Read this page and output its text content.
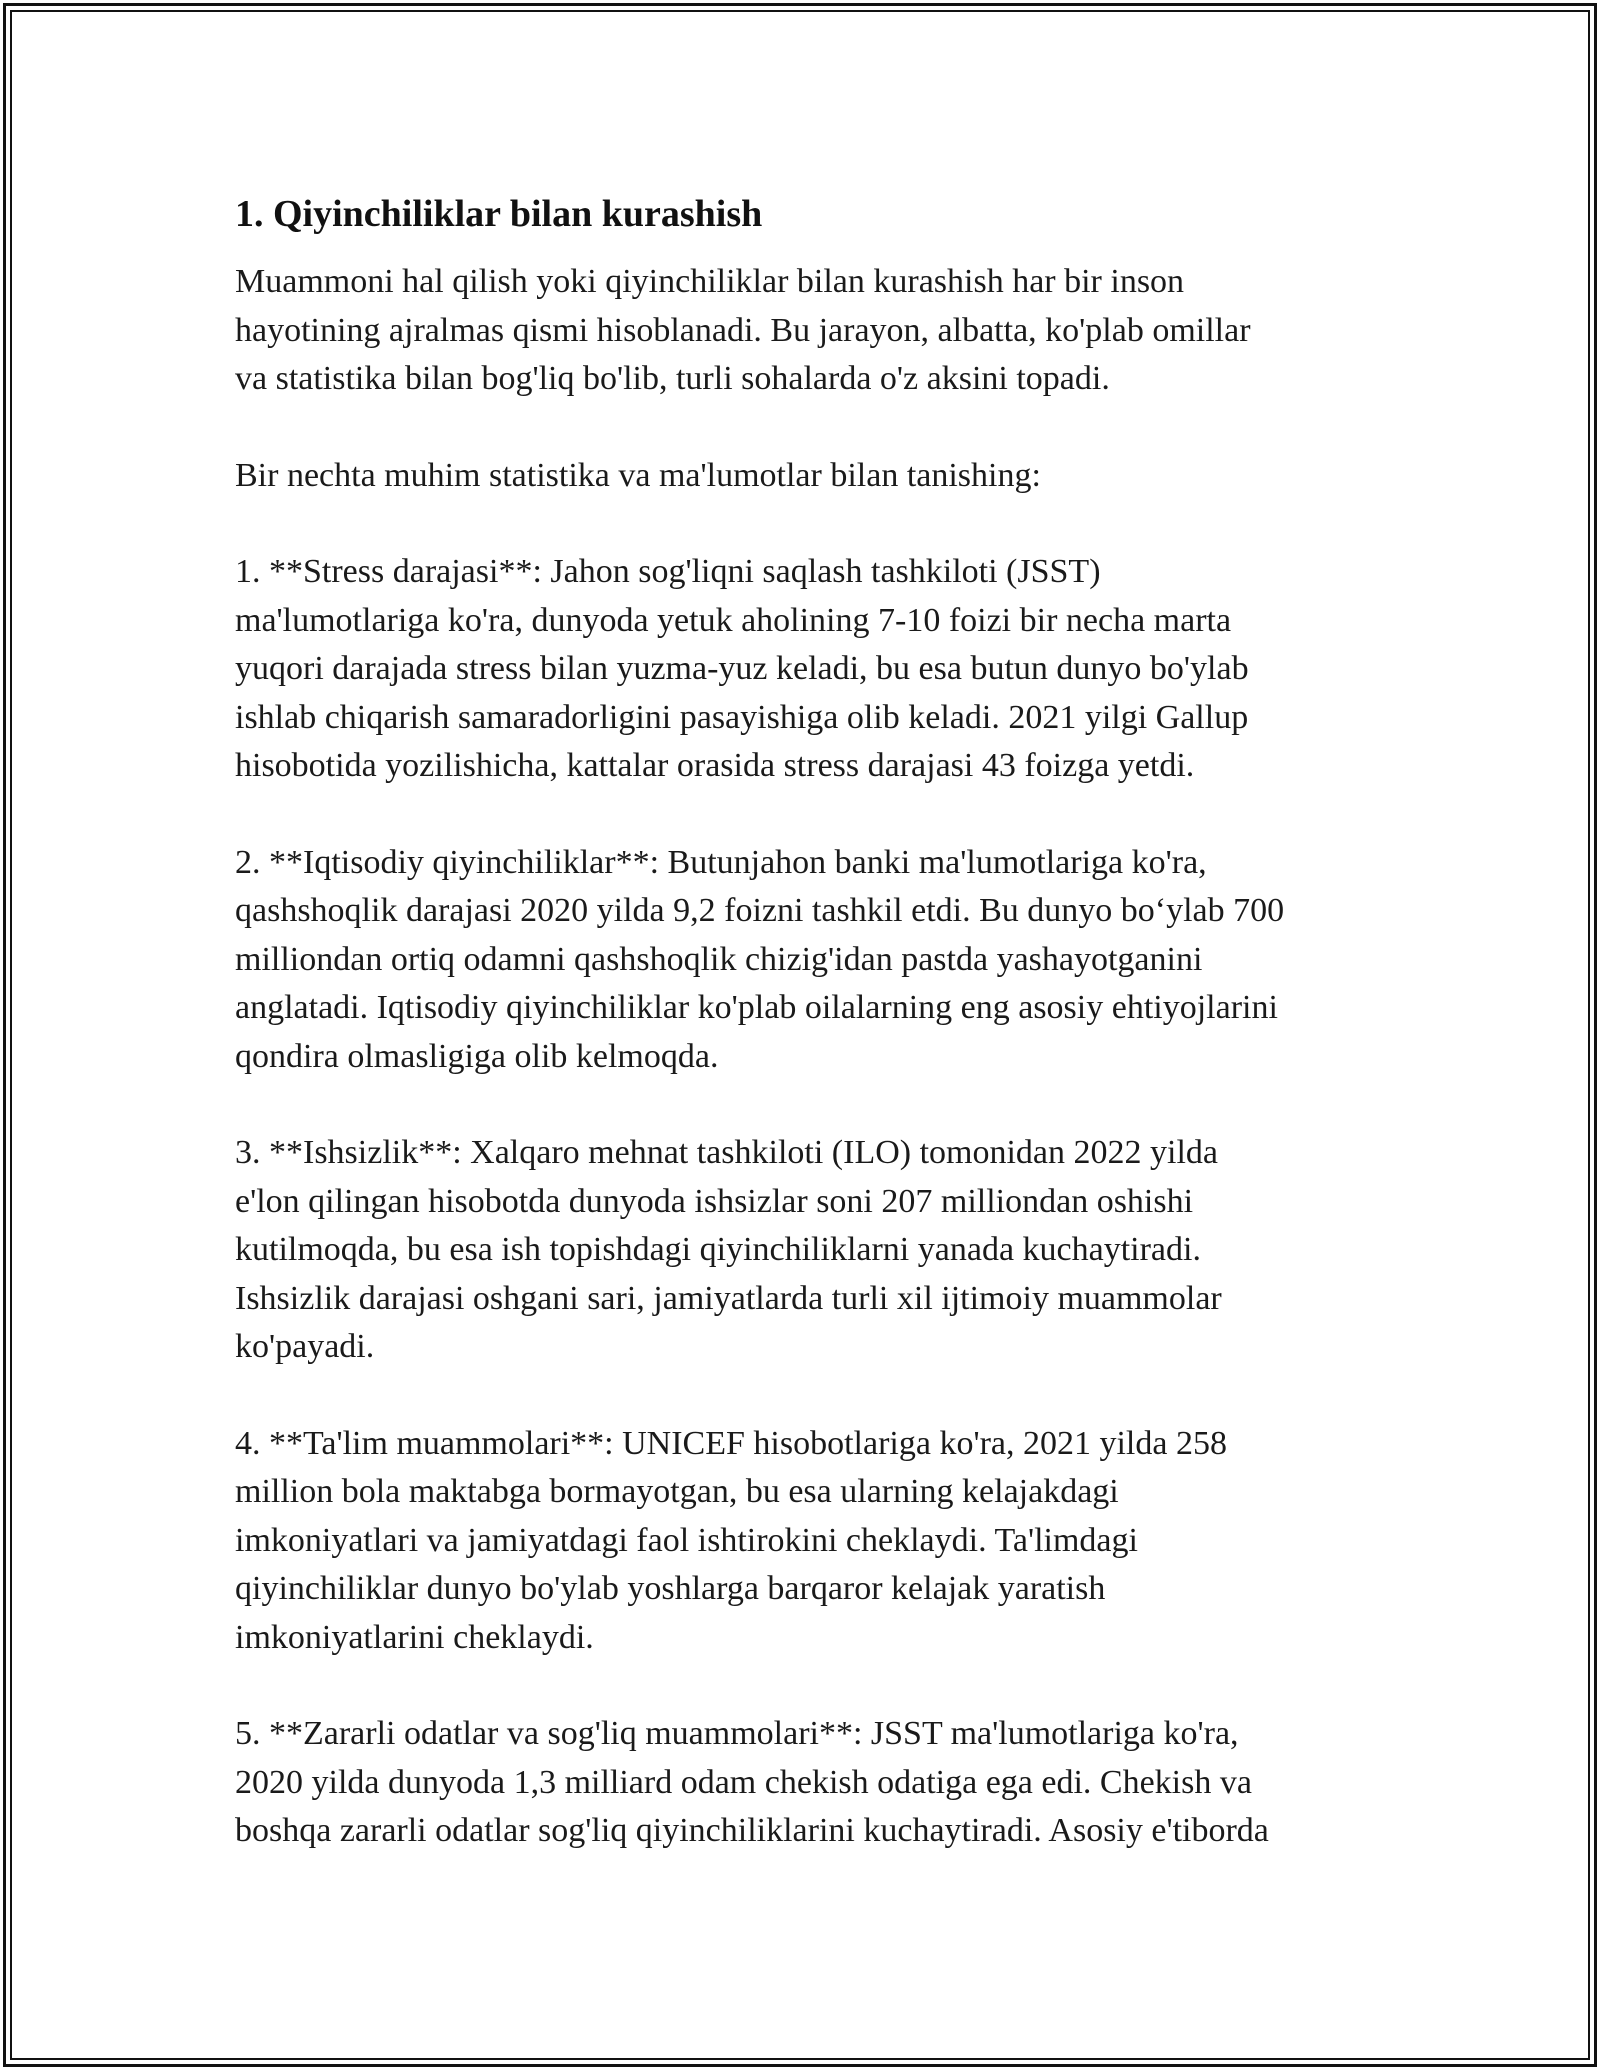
1. Qiyinchiliklar bilan kurashish

Muammoni hal qilish yoki qiyinchiliklar bilan kurashish har bir inson
hayotining ajralmas qismi hisoblanadi. Bu jarayon, albatta, ko'plab omillar
va statistika bilan bog'liq bo'lib, turli sohalarda o'z aksini topadi.

Bir nechta muhim statistika va ma'lumotlar bilan tanishing:

1. **Stress darajasi**: Jahon sog'liqni saqlash tashkiloti (JSST)
ma'lumotlariga ko'ra, dunyoda yetuk aholining 7-10 foizi bir necha marta
yuqori darajada stress bilan yuzma-yuz keladi, bu esa butun dunyo bo'ylab
ishlab chiqarish samaradorligini pasayishiga olib keladi. 2021 yilgi Gallup
hisobotida yozilishicha, kattalar orasida stress darajasi 43 foizga yetdi.

2. **Iqtisodiy qiyinchiliklar**: Butunjahon banki ma'lumotlariga ko'ra,
qashshoqlik darajasi 2020 yilda 9,2 foizni tashkil etdi. Bu dunyo bo‘ylab 700
milliondan ortiq odamni qashshoqlik chizig'idan pastda yashayotganini
anglatadi. Iqtisodiy qiyinchiliklar ko'plab oilalarning eng asosiy ehtiyojlarini
qondira olmasligiga olib kelmoqda.

3. **Ishsizlik**: Xalqaro mehnat tashkiloti (ILO) tomonidan 2022 yilda
e'lon qilingan hisobotda dunyoda ishsizlar soni 207 milliondan oshishi
kutilmoqda, bu esa ish topishdagi qiyinchiliklarni yanada kuchaytiradi.
Ishsizlik darajasi oshgani sari, jamiyatlarda turli xil ijtimoiy muammolar
ko'payadi.

4. **Ta'lim muammolari**: UNICEF hisobotlariga ko'ra, 2021 yilda 258
million bola maktabga bormayotgan, bu esa ularning kelajakdagi
imkoniyatlari va jamiyatdagi faol ishtirokini cheklaydi. Ta'limdagi
qiyinchiliklar dunyo bo'ylab yoshlarga barqaror kelajak yaratish
imkoniyatlarini cheklaydi.

5. **Zararli odatlar va sog'liq muammolari**: JSST ma'lumotlariga ko'ra,
2020 yilda dunyoda 1,3 milliard odam chekish odatiga ega edi. Chekish va
boshqa zararli odatlar sog'liq qiyinchiliklarini kuchaytiradi. Asosiy e'tiborda
